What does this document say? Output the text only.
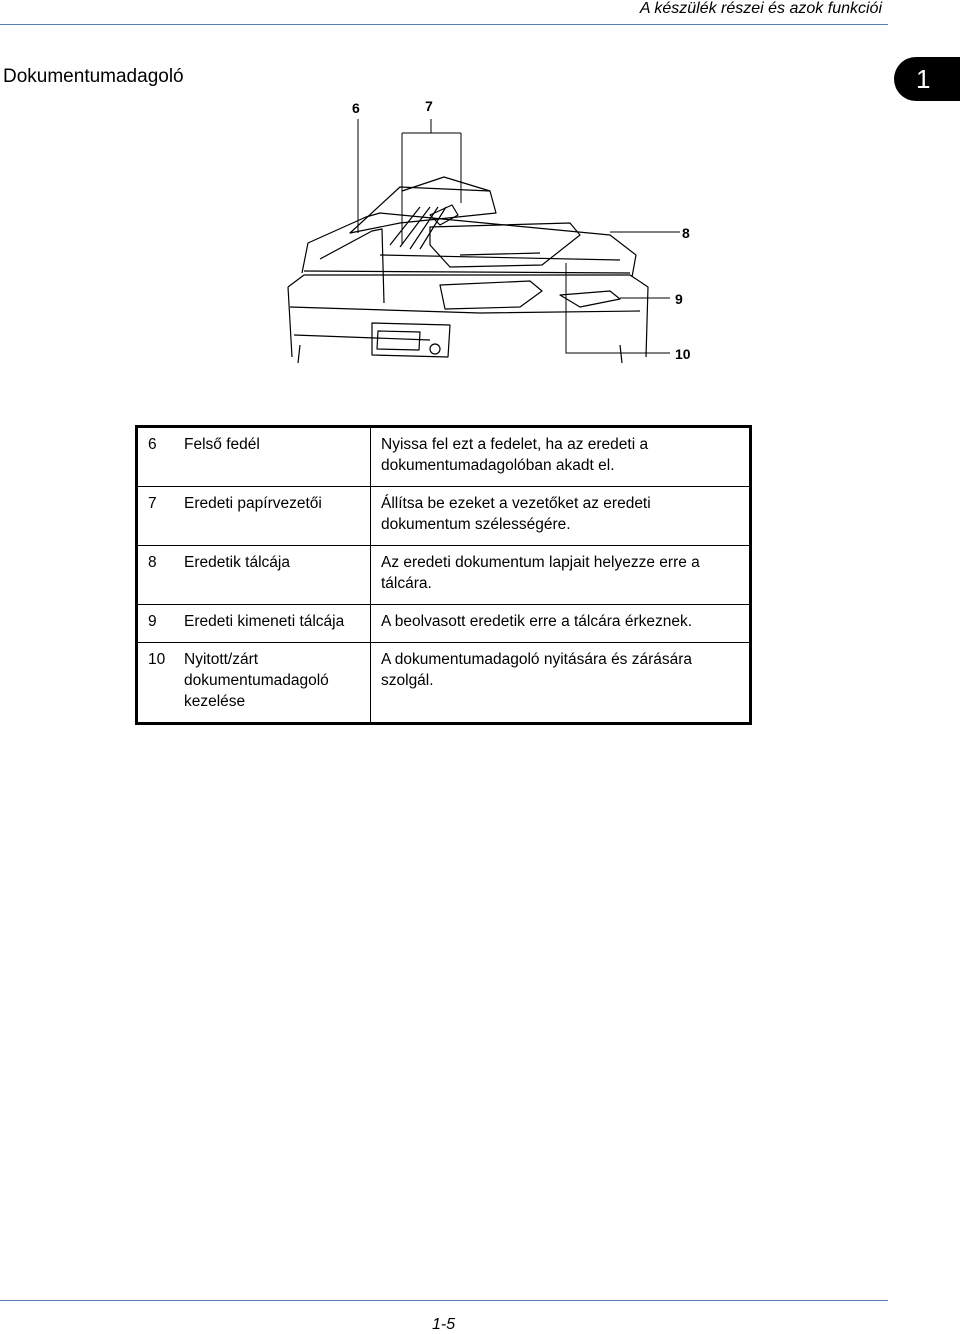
A készülék részei és azok funkciói
Dokumentumadagoló	1
6	7
8
9
10
6	Felső fedél	Nyissa fel ezt a fedelet, ha az eredeti a dokumentumadagolóban akadt el.
7	Eredeti papírvezetői	Állítsa be ezeket a vezetőket az eredeti dokumentum szélességére.
8	Eredetik tálcája	Az eredeti dokumentum lapjait helyezze erre a tálcára.
9	Eredeti kimeneti tálcája	A beolvasott eredetik erre a tálcára érkeznek.
10	Nyitott/zárt dokumentumadagoló kezelése	A dokumentumadagoló nyitására és zárására szolgál.
1-5
